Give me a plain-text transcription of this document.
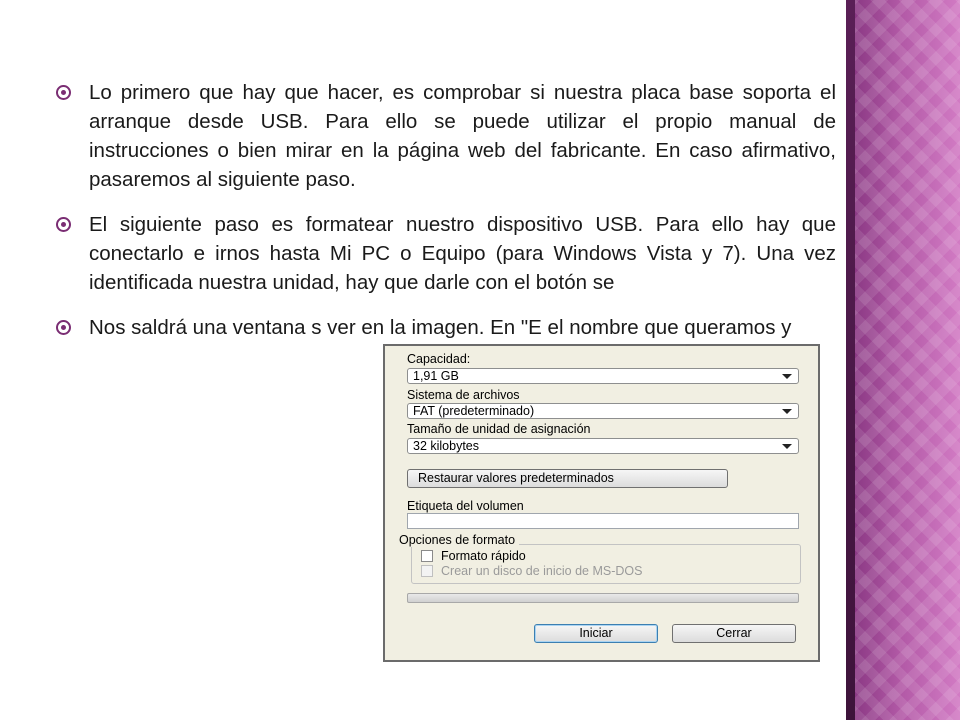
Lo primero que hay que hacer, es comprobar si nuestra placa base soporta el arranque desde USB. Para ello se puede utilizar el propio manual de instrucciones o bien mirar en la página web del fabricante. En caso afirmativo, pasaremos al siguiente paso.
El siguiente paso es formatear nuestro dispositivo USB. Para ello hay que conectarlo e irnos hasta Mi PC o Equipo (para Windows Vista y 7). Una vez identificada nuestra unidad, hay que darle con el botón se
Nos saldrá una ventana s ver en la imagen. En "E el nombre que queramos y
Capacidad:
1,91 GB
Sistema de archivos
FAT (predeterminado)
Tamaño de unidad de asignación
32 kilobytes
Restaurar valores predeterminados
Etiqueta del volumen
Opciones de formato
Formato rápido
Crear un disco de inicio de MS-DOS
Iniciar	Cerrar
